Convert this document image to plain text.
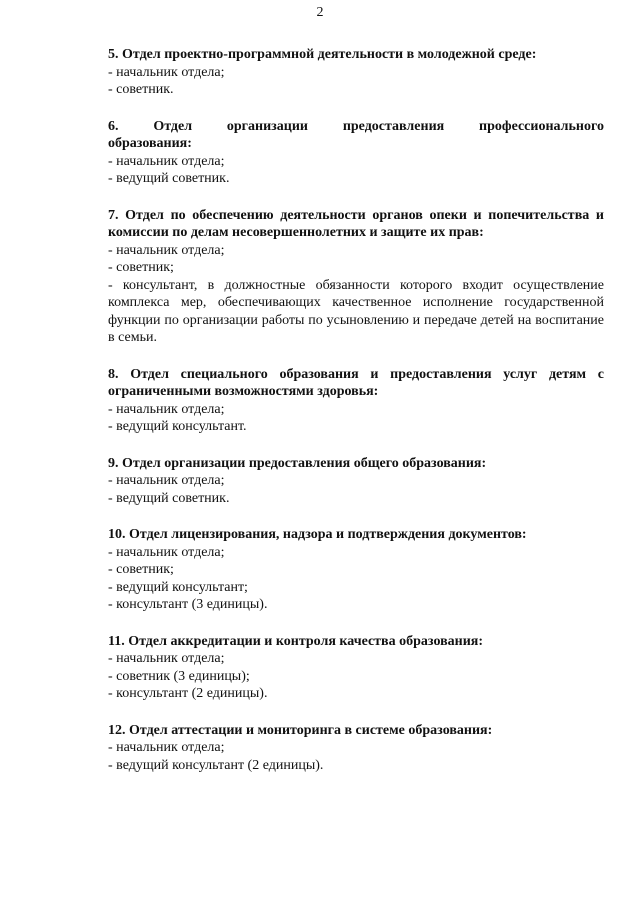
2

5. Отдел проектно-программной деятельности в молодежной среде:

- начальник отдела;

- советник.

6. Отдел организации предоставления профессионального

образования:

- начальник отдела;

- ведущий советник.

7. Отдел по обеспечению деятельности органов опеки и попечительства и комиссии по делам несовершеннолетних и защите их прав:

- начальник отдела;

- советник;

- консультант, в должностные обязанности которого входит осуществление комплекса мер, обеспечивающих качественное исполнение государственной функции по организации работы по усыновлению и передаче детей на воспитание в семьи.

8. Отдел специального образования и предоставления услуг детям с ограниченными возможностями здоровья:

- начальник отдела;

- ведущий консультант.

9. Отдел организации предоставления общего образования:

- начальник отдела;

- ведущий советник.

10. Отдел лицензирования, надзора и подтверждения документов:

- начальник отдела;

- советник;

- ведущий консультант;

- консультант (3 единицы).

11. Отдел аккредитации и контроля качества образования:

- начальник отдела;

- советник (3 единицы);

- консультант (2 единицы).

12. Отдел аттестации и мониторинга в системе образования:

- начальник отдела;

- ведущий консультант (2 единицы).
